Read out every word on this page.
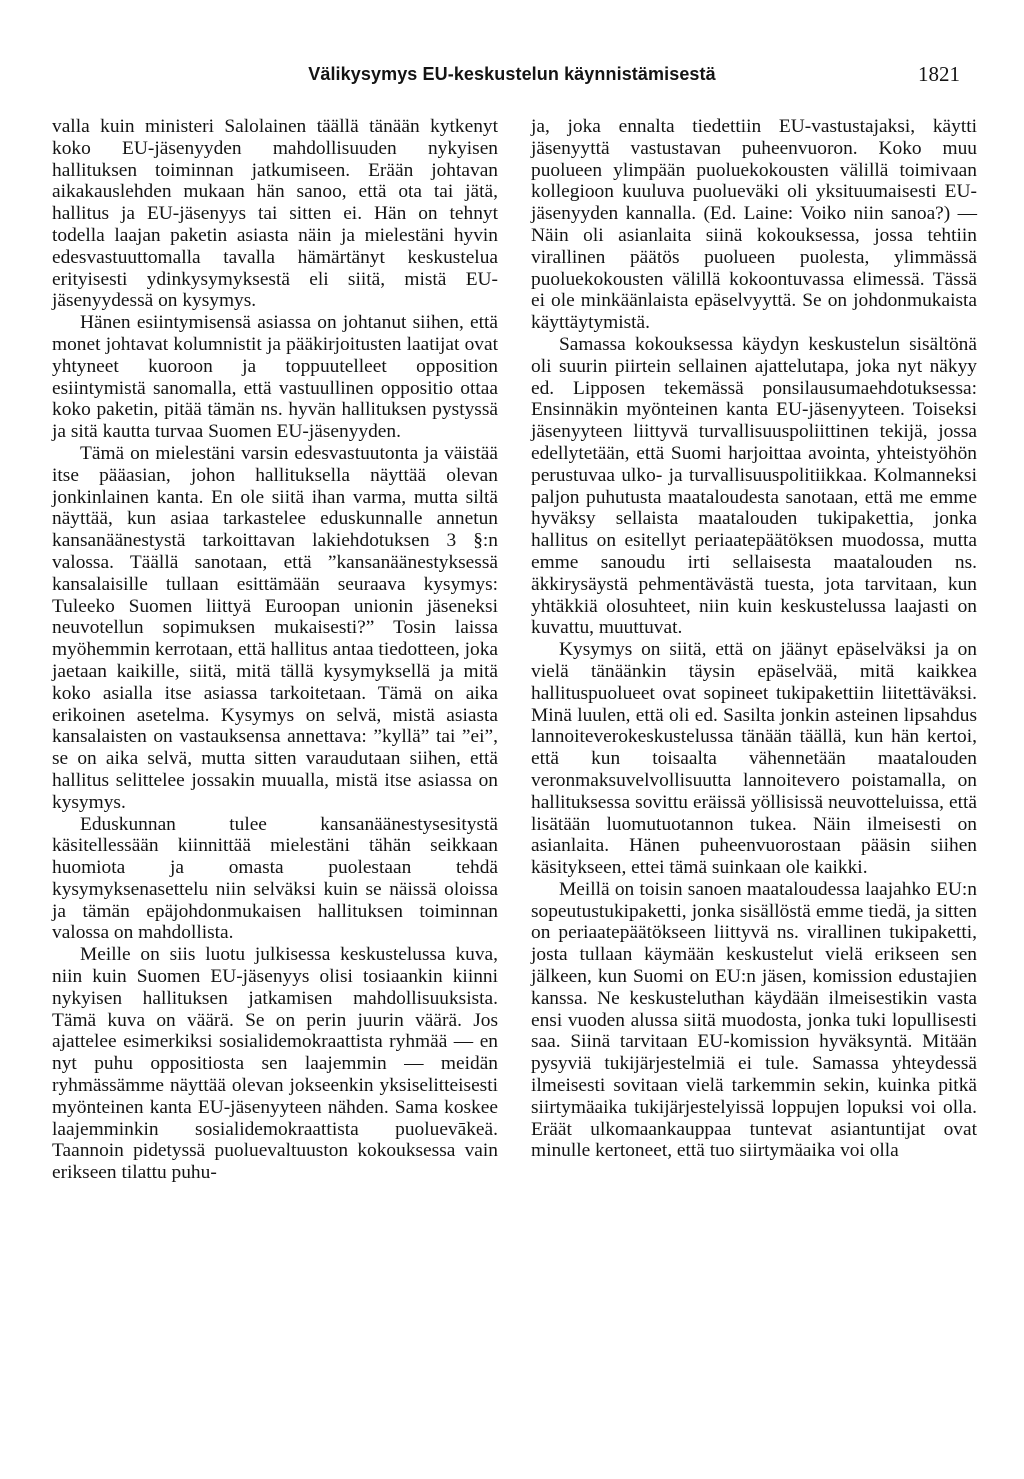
Välikysymys EU-keskustelun käynnistämisestä	1821

valla kuin ministeri Salolainen täällä tänään kytkenyt koko EU-jäsenyyden mahdollisuuden nykyisen hallituksen toiminnan jatkumiseen. Erään johtavan aikakauslehden mukaan hän sanoo, että ota tai jätä, hallitus ja EU-jäsenyys tai sitten ei. Hän on tehnyt todella laajan paketin asiasta näin ja mielestäni hyvin edesvastuuttomalla tavalla hämärtänyt keskustelua erityisesti ydinkysymyksestä eli siitä, mistä EU-jäsenyydessä on kysymys.

Hänen esiintymisensä asiassa on johtanut siihen, että monet johtavat kolumnistit ja pääkirjoitusten laatijat ovat yhtyneet kuoroon ja toppuutelleet opposition esiintymistä sanomalla, että vastuullinen oppositio ottaa koko paketin, pitää tämän ns. hyvän hallituksen pystyssä ja sitä kautta turvaa Suomen EU-jäsenyyden.

Tämä on mielestäni varsin edesvastuutonta ja väistää itse pääasian, johon hallituksella näyttää olevan jonkinlainen kanta. En ole siitä ihan varma, mutta siltä näyttää, kun asiaa tarkastelee eduskunnalle annetun kansanäänestystä tarkoittavan lakiehdotuksen 3 §:n valossa. Täällä sanotaan, että ”kansanäänestyksessä kansalaisille tullaan esittämään seuraava kysymys: Tuleeko Suomen liittyä Euroopan unionin jäseneksi neuvotellun sopimuksen mukaisesti?” Tosin laissa myöhemmin kerrotaan, että hallitus antaa tiedotteen, joka jaetaan kaikille, siitä, mitä tällä kysymyksellä ja mitä koko asialla itse asiassa tarkoitetaan. Tämä on aika erikoinen asetelma. Kysymys on selvä, mistä asiasta kansalaisten on vastauksensa annettava: ”kyllä” tai ”ei”, se on aika selvä, mutta sitten varaudutaan siihen, että hallitus selittelee jossakin muualla, mistä itse asiassa on kysymys.

Eduskunnan tulee kansanäänestysesitystä käsitellessään kiinnittää mielestäni tähän seikkaan huomiota ja omasta puolestaan tehdä kysymyksenasettelu niin selväksi kuin se näissä oloissa ja tämän epäjohdonmukaisen hallituksen toiminnan valossa on mahdollista.

Meille on siis luotu julkisessa keskustelussa kuva, niin kuin Suomen EU-jäsenyys olisi tosiaankin kiinni nykyisen hallituksen jatkamisen mahdollisuuksista. Tämä kuva on väärä. Se on perin juurin väärä. Jos ajattelee esimerkiksi sosialidemokraattista ryhmää — en nyt puhu oppositiosta sen laajemmin — meidän ryhmässämme näyttää olevan jokseenkin yksiselitteisesti myönteinen kanta EU-jäsenyyteen nähden. Sama koskee laajemminkin sosialidemokraattista puoluevākeä. Taannoin pidetyssä puoluevaltuuston kokouksessa vain erikseen tilattu puhu-

ja, joka ennalta tiedettiin EU-vastustajaksi, käytti jäsenyyttä vastustavan puheenvuoron. Koko muu puolueen ylimpään puoluekokousten välillä toimivaan kollegioon kuuluva puolueväki oli yksituumaisesti EU-jäsenyyden kannalla. (Ed. Laine: Voiko niin sanoa?) — Näin oli asianlaita siinä kokouksessa, jossa tehtiin virallinen päätös puolueen puolesta, ylimmässä puoluekokousten välillä kokoontuvassa elimessä. Tässä ei ole minkäänlaista epäselvyyttä. Se on johdonmukaista käyttäytymistä.

Samassa kokouksessa käydyn keskustelun sisältönä oli suurin piirtein sellainen ajattelutapa, joka nyt näkyy ed. Lipposen tekemässä ponsilausumaehdotuksessa: Ensinnäkin myönteinen kanta EU-jäsenyyteen. Toiseksi jäsenyyteen liittyvä turvallisuuspoliittinen tekijä, jossa edellytetään, että Suomi harjoittaa avointa, yhteistyöhön perustuvaa ulko- ja turvallisuuspolitiikkaa. Kolmanneksi paljon puhutusta maataloudesta sanotaan, että me emme hyväksy sellaista maatalouden tukipakettia, jonka hallitus on esitellyt periaatepäätöksen muodossa, mutta emme sanoudu irti sellaisesta maatalouden ns. äkkirysäystä pehmentävästä tuesta, jota tarvitaan, kun yhtäkkiä olosuhteet, niin kuin keskustelussa laajasti on kuvattu, muuttuvat.

Kysymys on siitä, että on jäänyt epäselväksi ja on vielä tänäänkin täysin epäselvää, mitä kaikkea hallituspuolueet ovat sopineet tukipakettiin liitettäväksi. Minä luulen, että oli ed. Sasilta jonkin asteinen lipsahdus lannoiteverokeskustelussa tänään täällä, kun hän kertoi, että kun toisaalta vähennetään maatalouden veronmaksuvelvollisuutta lannoitevero poistamalla, on hallituksessa sovittu eräissä yöllisissä neuvotteluissa, että lisätään luomutuotannon tukea. Näin ilmeisesti on asianlaita. Hänen puheenvuorostaan pääsin siihen käsitykseen, ettei tämä suinkaan ole kaikki.

Meillä on toisin sanoen maataloudessa laajahko EU:n sopeutustukipaketti, jonka sisällöstä emme tiedä, ja sitten on periaatepäätökseen liittyvä ns. virallinen tukipaketti, josta tullaan käymään keskustelut vielä erikseen sen jälkeen, kun Suomi on EU:n jäsen, komission edustajien kanssa. Ne keskusteluthan käydään ilmeisestikin vasta ensi vuoden alussa siitä muodosta, jonka tuki lopullisesti saa. Siinä tarvitaan EU-komission hyväksyntä. Mitään pysyviä tukijärjestelmiä ei tule. Samassa yhteydessä ilmeisesti sovitaan vielä tarkemmin sekin, kuinka pitkä siirtymäaika tukijärjestelyissä loppujen lopuksi voi olla. Eräät ulkomaankauppaa tuntevat asiantuntijat ovat minulle kertoneet, että tuo siirtymäaika voi olla
